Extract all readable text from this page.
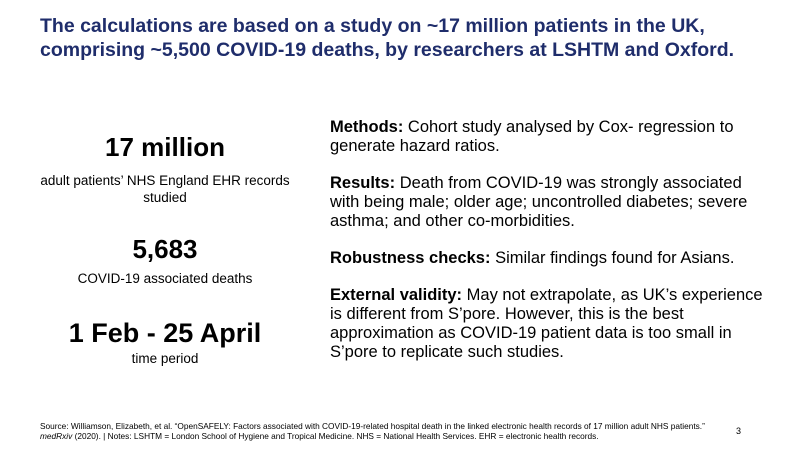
The calculations are based on a study on ~17 million patients in the UK, comprising ~5,500 COVID-19 deaths, by researchers at LSHTM and Oxford.
17 million
adult patients’ NHS England EHR records studied
5,683
COVID-19 associated deaths
1 Feb - 25 April
time period

Methods: Cohort study analysed by Cox- regression to generate hazard ratios.

Results: Death from COVID-19 was strongly associated with being male; older age; uncontrolled diabetes; severe asthma; and other co-morbidities.

Robustness checks: Similar findings found for Asians.

External validity: May not extrapolate, as UK’s experience is different from S’pore. However, this is the best approximation as COVID-19 patient data is too small in S’pore to replicate such studies.

Source: Williamson, Elizabeth, et al. “OpenSAFELY: Factors associated with COVID-19-related hospital death in the linked electronic health records of 17 million adult NHS patients.” medRxiv (2020). | Notes: LSHTM = London School of Hygiene and Tropical Medicine. NHS = National Health Services. EHR = electronic health records.	3
